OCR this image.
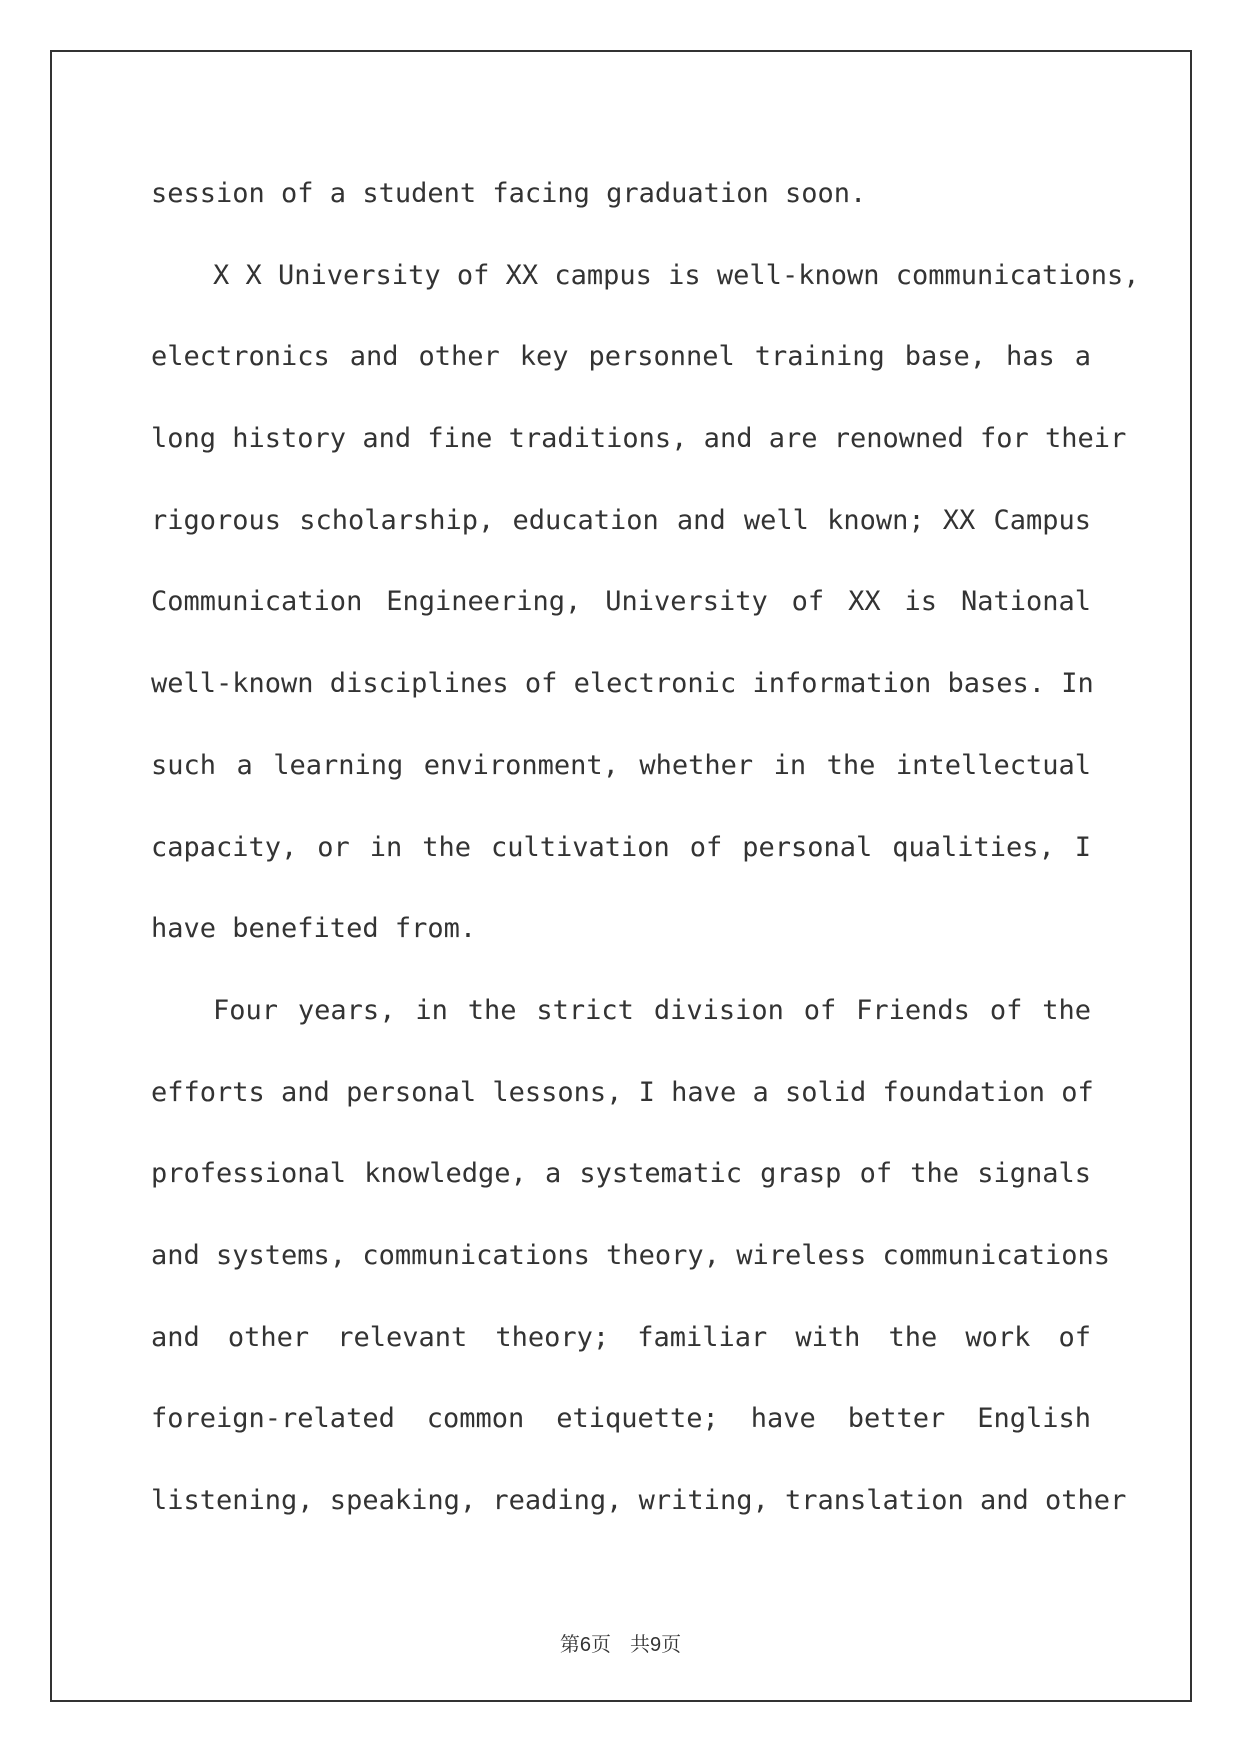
session of a student facing graduation soon.
X X University of XX campus is well-known communications,
electronics and other key personnel training base, has a
long history and fine traditions, and are renowned for their
rigorous scholarship, education and well known; XX Campus
Communication Engineering, University of XX is National
well-known disciplines of electronic information bases. In
such a learning environment, whether in the intellectual
capacity, or in the cultivation of personal qualities, I
have benefited from.
Four years, in the strict division of Friends of the
efforts and personal lessons, I have a solid foundation of
professional knowledge, a systematic grasp of the signals
and systems, communications theory, wireless communications
and other relevant theory; familiar with the work of
foreign-related common etiquette; have better English
listening, speaking, reading, writing, translation and other
第6页 共9页
